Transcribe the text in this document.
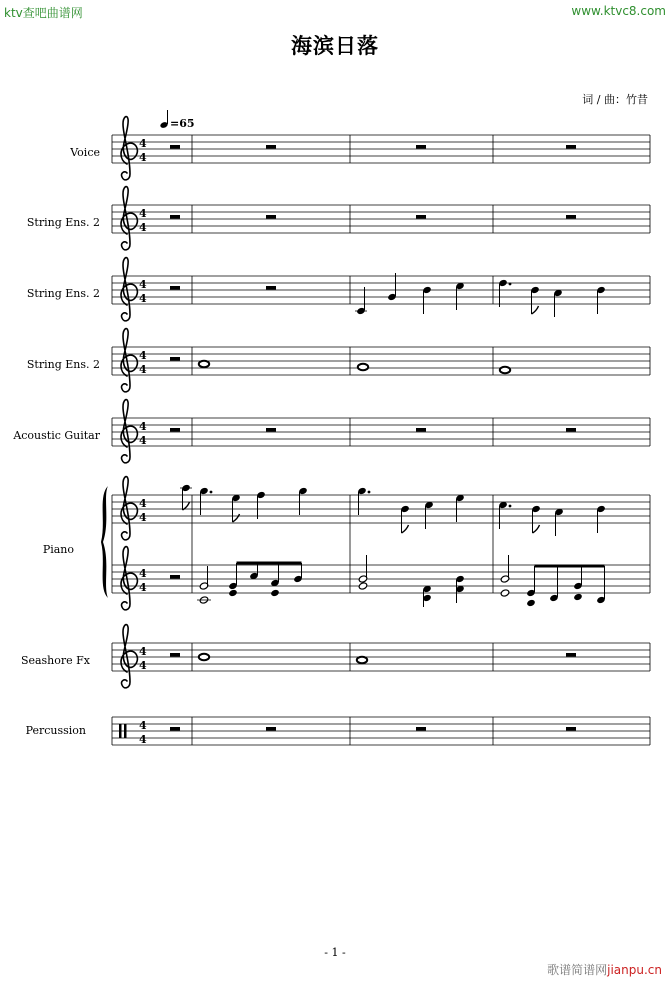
ktv查吧曲谱网	www.ktvc8.com
海滨日落
词 / 曲：竹昔
Voice
String Ens. 2
String Ens. 2
String Ens. 2
Acoustic Guitar
Piano
Seashore Fx
Percussion
4
4
=65
4
4
4
4
4
4
4
4
4
4
4
4
4
4
4
4
- 1 -
歌谱简谱网jianpu.cn
